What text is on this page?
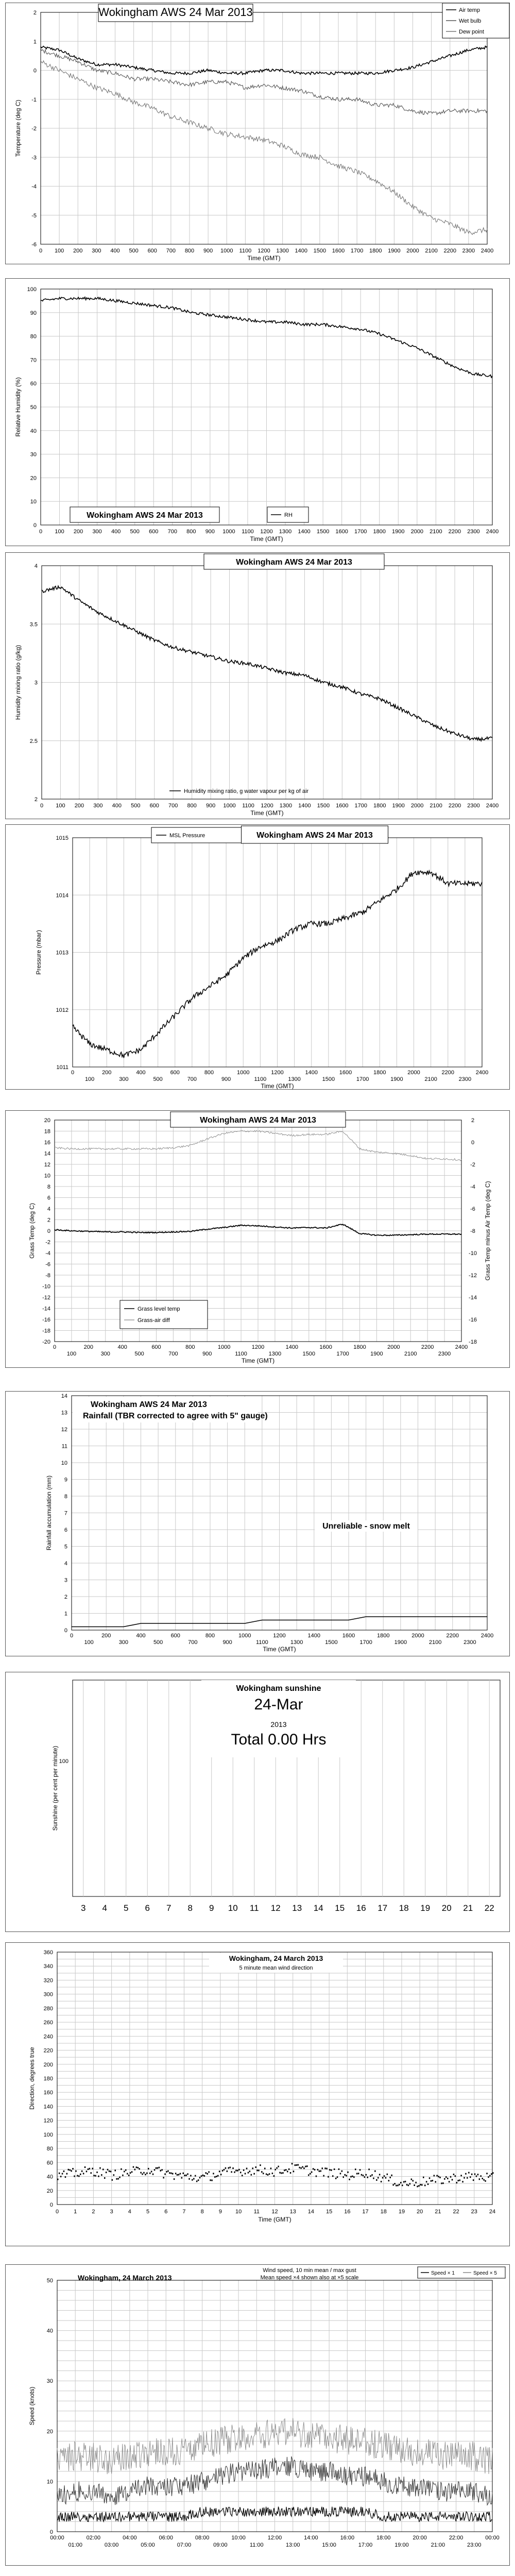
-6
-5
-4
-3
-2
-1
0
1
2
0 100 200 300 400 500 600 700 800 900 1000 1100 1200 1300 1400 1500 1600 1700 1800 1900 2000 2100 2200 2300 2400
Temperature (deg C)
Time (GMT)
Wokingham AWS 24 Mar 2013	Air temp
Wet bulb
Dew point
0
10
20
30
40
50
60
70
80
90
100
0 100 200 300 400 500 600 700 800 900 1000 1100 1200 1300 1400 1500 1600 1700 1800 1900 2000 2100 2200 2300 2400
Relative Humidity (%)
Time (GMT)
Wokingham AWS 24 Mar 2013	RH
2
2.5
3
3.5
4
0 100 200 300 400 500 600 700 800 900 1000 1100 1200 1300 1400 1500 1600 1700 1800 1900 2000 2100 2200 2300 2400
Humidity mixing ratio (g/kg)
Time (GMT)
Wokingham AWS 24 Mar 2013
Humidity mixing ratio, g water vapour per kg of air
1011
1012
1013
1014
1015
0	200	400	600	800	1000	1200	1400	1600	1800	2000	2200	2400
100	300	500	700	900	1100	1300	1500	1700	1900	2100	2300
Pressure (mbar)
Time (GMT)
MSL Pressure	Wokingham AWS 24 Mar 2013
-20
-18
-16
-14
-12
-10
-8
-6
-4
-2
0
2
4
6
8
10
12
14
16
18
20
-18
-16
-14
-12
-10
-8
-6
-4
-2
0
2
0	200	400	600	800	1000	1200	1400	1600	1800	2000	2200	2400
100	300	500	700	900	1100	1300	1500	1700	1900	2100	2300
Grass Temp (deg C)	Grass Temp minus Air Temp (deg C)
Time (GMT)
Wokingham AWS 24 Mar 2013
Grass level temp
Grass-air diff
0
1
2
3
4
5
6
7
8
9
10
11
12
13
14
0	200	400	600	800	1000	1200	1400	1600	1800	2000	2200	2400
100	300	500	700	900	1100	1300	1500	1700	1900	2100	2300
Rainfall accumulation (mm)
Time (GMT)
Wokingham AWS 24 Mar 2013
Rainfall (TBR corrected to agree with 5" gauge)
Unreliable - snow melt
3 4 5 6 7 8 9 10 11 12 13 14 15 16 17 18 19 20 21 22
100
Sunshine (per cent per minute)
Wokingham sunshine
24-Mar
2013
Total 0.00 Hrs
0
20
40
60
80
100
120
140
160
180
200
220
240
260
280
300
320
340
360
0	1	2	3	4	5	6	7	8	9 10 11 12 13 14 15 16 17 18 19 20 21 22 23 24
Direction, degrees true
Time (GMT)
Wokingham, 24 March 2013
5 minute mean wind direction
0
10
20
30
40
50
00:00	02:00	04:00	06:00	08:00	10:00	12:00	14:00	16:00	18:00	20:00	22:00	00:00
01:00	03:00	05:00	07:00	09:00	11:00	13:00	15:00	17:00	19:00	21:00	23:00
Speed (knots)
Wokingham, 24 March 2013
Wind speed, 10 min mean / max gust
Mean speed ×4 shown also at ×5 scale
Speed × 1	Speed × 5
